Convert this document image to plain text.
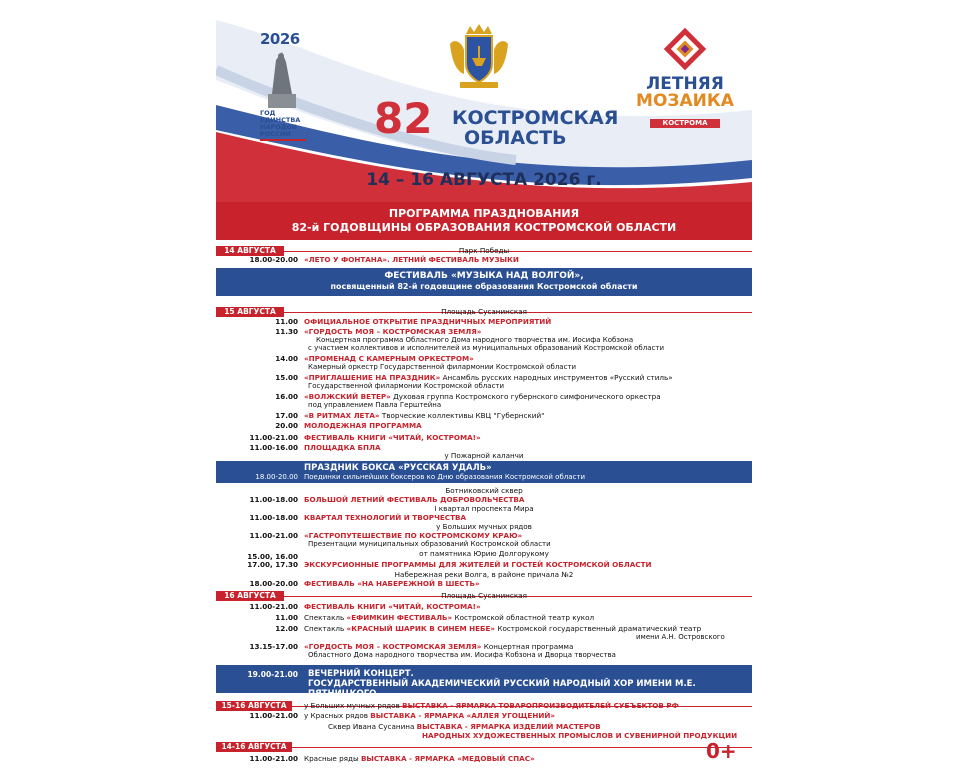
2026
ГОД
ЕДИНСТВА
НАРОДОВ
РОССИИ	82 КОСТРОМСКАЯ
ОБЛАСТЬ
14 – 16 АВГУСТА 2026 г.
ЛЕТНЯЯ
МОЗАИКА
КОСТРОМА
ПРОГРАММА ПРАЗДНОВАНИЯ
82-й ГОДОВЩИНЫ ОБРАЗОВАНИЯ КОСТРОМСКОЙ ОБЛАСТИ
14 АВГУСТА	Парк Победы
18.00-20.00 «ЛЕТО У ФОНТАНА». ЛЕТНИЙ ФЕСТИВАЛЬ МУЗЫКИ
ФЕСТИВАЛЬ «МУЗЫКА НАД ВОЛГОЙ»,
посвященный 82-й годовщине образования Костромской области
15 АВГУСТА	Площадь Сусанинская
11.00 ОФИЦИАЛЬНОЕ ОТКРЫТИЕ ПРАЗДНИЧНЫХ МЕРОПРИЯТИЙ
11.30 «ГОРДОСТЬ МОЯ – КОСТРОМСКАЯ ЗЕМЛЯ»
Концертная программа Областного Дома народного творчества им. Иосифа Кобзона
с участием коллективов и исполнителей из муниципальных образований Костромской области
14.00 «ПРОМЕНАД С КАМЕРНЫМ ОРКЕСТРОМ»
Камерный оркестр Государственной филармонии Костромской области
15.00 «ПРИГЛАШЕНИЕ НА ПРАЗДНИК» Ансамбль русских народных инструментов «Русский стиль»
Государственной филармонии Костромской области
16.00 «ВОЛЖСКИЙ ВЕТЕР» Духовая группа Костромского губернского симфонического оркестра
под управлением Павла Герштейна
17.00 «В РИТМАХ ЛЕТА» Творческие коллективы КВЦ "Губернский"
20.00 МОЛОДЕЖНАЯ ПРОГРАММА
11.00-21.00 ФЕСТИВАЛЬ КНИГИ «ЧИТАЙ, КОСТРОМА!»
11.00-16.00 ПЛОЩАДКА БПЛА
у Пожарной каланчи
ПРАЗДНИК БОКСА «РУССКАЯ УДАЛЬ»
18.00-20.00 Поединки сильнейших боксеров ко Дню образования Костромской области
Ботниковский сквер
11.00-18.00 БОЛЬШОЙ ЛЕТНИЙ ФЕСТИВАЛЬ ДОБРОВОЛЬЧЕСТВА
I квартал проспекта Мира
11.00-18.00 КВАРТАЛ ТЕХНОЛОГИЙ И ТВОРЧЕСТВА
у Больших мучных рядов
11.00-21.00 «ГАСТРОПУТЕШЕСТВИЕ ПО КОСТРОМСКОМУ КРАЮ»
Презентации муниципальных образований Костромской области
от памятника Юрию Долгорукому
15.00, 16.00
17.00, 17.30 ЭКСКУРСИОННЫЕ ПРОГРАММЫ ДЛЯ ЖИТЕЛЕЙ И ГОСТЕЙ КОСТРОМСКОЙ ОБЛАСТИ
Набережная реки Волга, в районе причала №2
18.00-20.00 ФЕСТИВАЛЬ «НА НАБЕРЕЖНОЙ В ШЕСТЬ»
16 АВГУСТА	Площадь Сусанинская
11.00-21.00 ФЕСТИВАЛЬ КНИГИ «ЧИТАЙ, КОСТРОМА!»
11.00 Спектакль «ЕФИМКИН ФЕСТИВАЛЬ» Костромской областной театр кукол
12.00 Спектакль «КРАСНЫЙ ШАРИК В СИНЕМ НЕБЕ» Костромской государственный драматический театр
имени А.Н. Островского
13.15-17.00 «ГОРДОСТЬ МОЯ – КОСТРОМСКАЯ ЗЕМЛЯ» Концертная программа
Областного Дома народного творчества им. Иосифа Кобзона и Дворца творчества
19.00-21.00 ВЕЧЕРНИЙ КОНЦЕРТ.
ГОСУДАРСТВЕННЫЙ АКАДЕМИЧЕСКИЙ РУССКИЙ НАРОДНЫЙ ХОР ИМЕНИ М.Е. ПЯТНИЦКОГО
15-16 АВГУСТА	у Больших мучных рядов ВЫСТАВКА - ЯРМАРКА ТОВАРОПРОИЗВОДИТЕЛЕЙ СУБЪЕКТОВ РФ
11.00-21.00 у Красных рядов ВЫСТАВКА - ЯРМАРКА «АЛЛЕЯ УГОЩЕНИЙ»
Сквер Ивана Сусанина ВЫСТАВКА - ЯРМАРКА ИЗДЕЛИЙ МАСТЕРОВ
НАРОДНЫХ ХУДОЖЕСТВЕННЫХ ПРОМЫСЛОВ И СУВЕНИРНОЙ ПРОДУКЦИИ
14-16 АВГУСТА
11.00-21.00 Красные ряды ВЫСТАВКА - ЯРМАРКА «МЕДОВЫЙ СПАС»	0+
